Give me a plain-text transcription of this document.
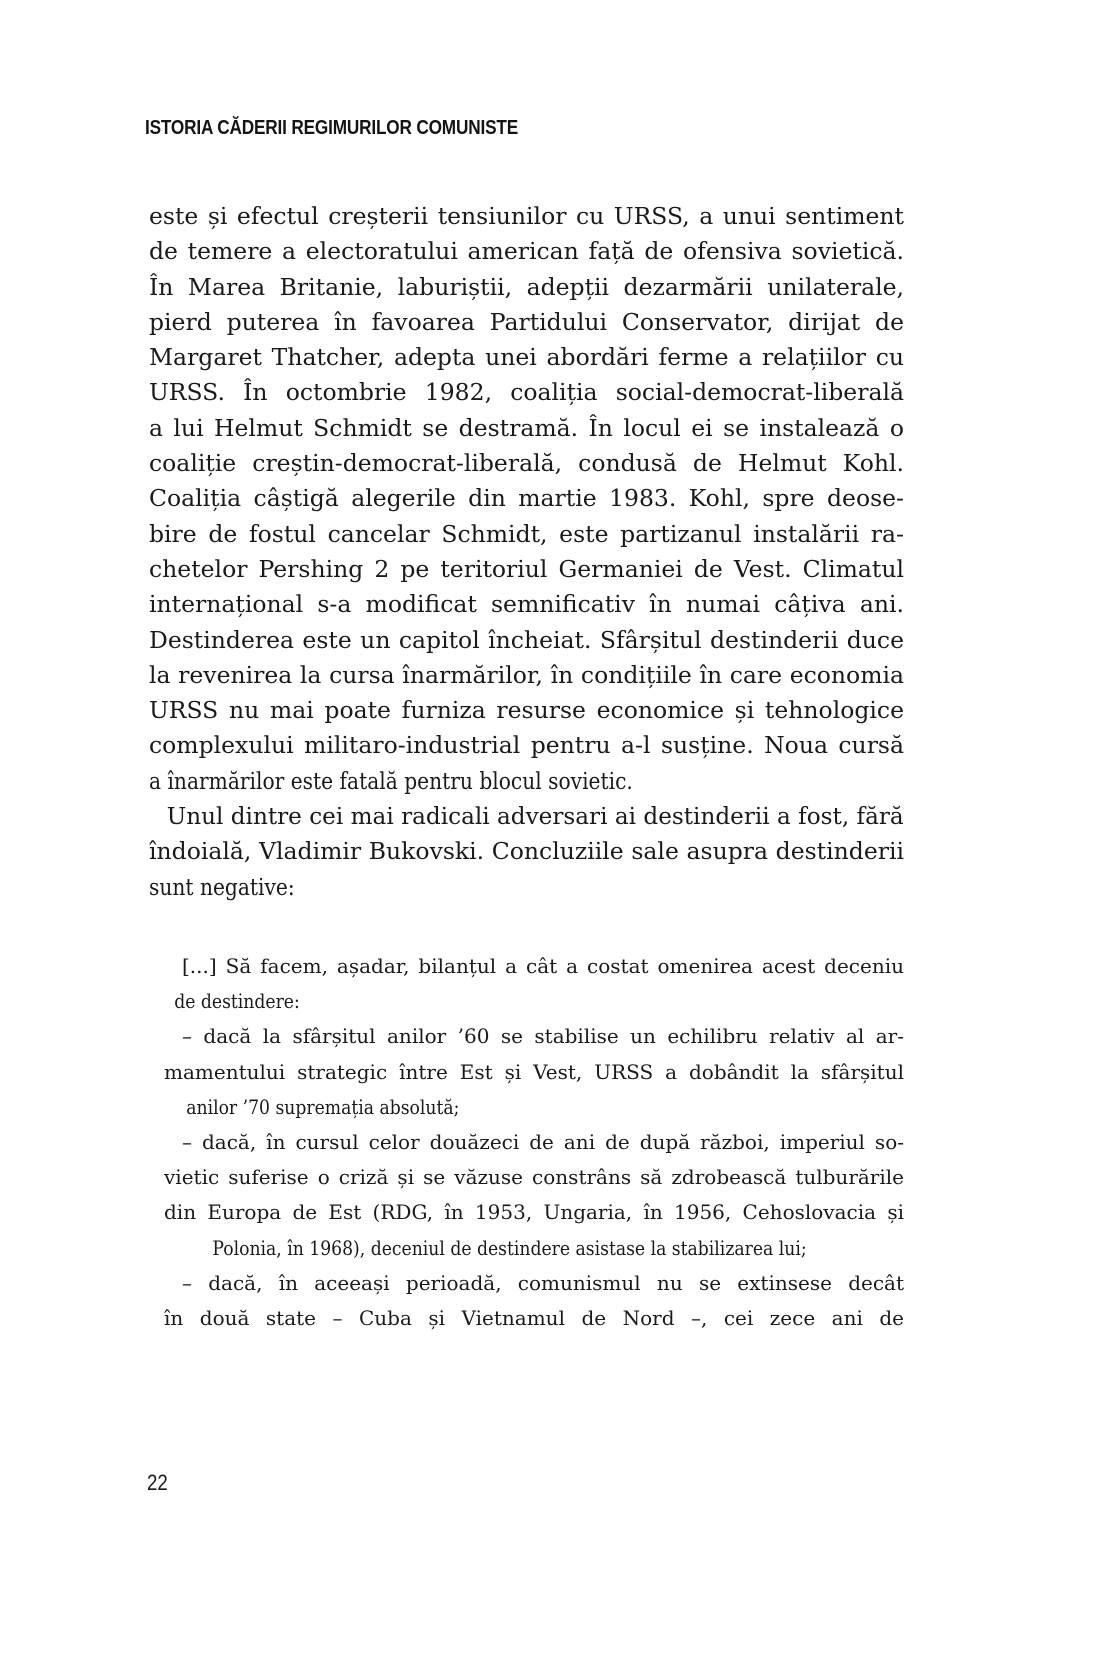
ISTORIA CĂDERII REGIMURILOR COMUNISTE
este și efectul creșterii tensiunilor cu URSS, a unui sentiment
de temere a electoratului american față de ofensiva sovietică.
În Marea Britanie, laburiștii, adepții dezarmării unilaterale,
pierd puterea în favoarea Partidului Conservator, dirijat de
Margaret Thatcher, adepta unei abordări ferme a relațiilor cu
URSS. În octombrie 1982, coaliția social-democrat-liberală
a lui Helmut Schmidt se destramă. În locul ei se instalează o
coaliție creștin-democrat-liberală, condusă de Helmut Kohl.
Coaliția câștigă alegerile din martie 1983. Kohl, spre deose-
bire de fostul cancelar Schmidt, este partizanul instalării ra-
chetelor Pershing 2 pe teritoriul Germaniei de Vest. Climatul
internațional s-a modificat semnificativ în numai câțiva ani.
Destinderea este un capitol încheiat. Sfârșitul destinderii duce
la revenirea la cursa înarmărilor, în condițiile în care economia
URSS nu mai poate furniza resurse economice și tehnologice
complexului militaro-industrial pentru a-l susține. Noua cursă
a înarmărilor este fatală pentru blocul sovietic.
Unul dintre cei mai radicali adversari ai destinderii a fost, fără
îndoială, Vladimir Bukovski. Concluziile sale asupra destinderii
sunt negative:
[...] Să facem, așadar, bilanțul a cât a costat omenirea acest deceniu
de destindere:
– dacă la sfârșitul anilor ’60 se stabilise un echilibru relativ al ar-
mamentului strategic între Est și Vest, URSS a dobândit la sfârșitul
anilor ’70 supremația absolută;
– dacă, în cursul celor douăzeci de ani de după război, imperiul so-
vietic suferise o criză și se văzuse constrâns să zdrobească tulburările
din Europa de Est (RDG, în 1953, Ungaria, în 1956, Cehoslovacia și
Polonia, în 1968), deceniul de destindere asistase la stabilizarea lui;
– dacă, în aceeași perioadă, comunismul nu se extinsese decât
în două state – Cuba și Vietnamul de Nord –, cei zece ani de
22
